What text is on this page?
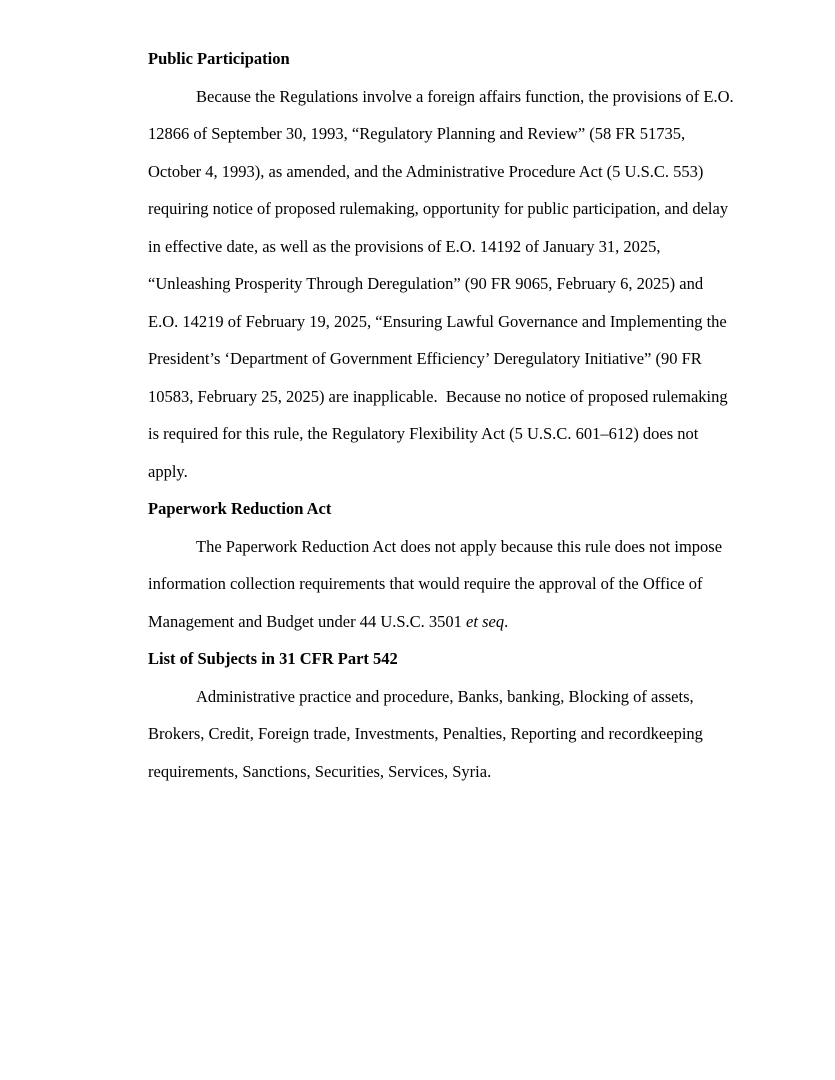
Public Participation

Because the Regulations involve a foreign affairs function, the provisions of E.O. 12866 of September 30, 1993, “Regulatory Planning and Review” (58 FR 51735, October 4, 1993), as amended, and the Administrative Procedure Act (5 U.S.C. 553) requiring notice of proposed rulemaking, opportunity for public participation, and delay in effective date, as well as the provisions of E.O. 14192 of January 31, 2025, “Unleashing Prosperity Through Deregulation” (90 FR 9065, February 6, 2025) and E.O. 14219 of February 19, 2025, “Ensuring Lawful Governance and Implementing the President’s ‘Department of Government Efficiency’ Deregulatory Initiative” (90 FR 10583, February 25, 2025) are inapplicable.  Because no notice of proposed rulemaking is required for this rule, the Regulatory Flexibility Act (5 U.S.C. 601–612) does not apply.

Paperwork Reduction Act

The Paperwork Reduction Act does not apply because this rule does not impose information collection requirements that would require the approval of the Office of Management and Budget under 44 U.S.C. 3501 et seq.

List of Subjects in 31 CFR Part 542

Administrative practice and procedure, Banks, banking, Blocking of assets, Brokers, Credit, Foreign trade, Investments, Penalties, Reporting and recordkeeping requirements, Sanctions, Securities, Services, Syria.
